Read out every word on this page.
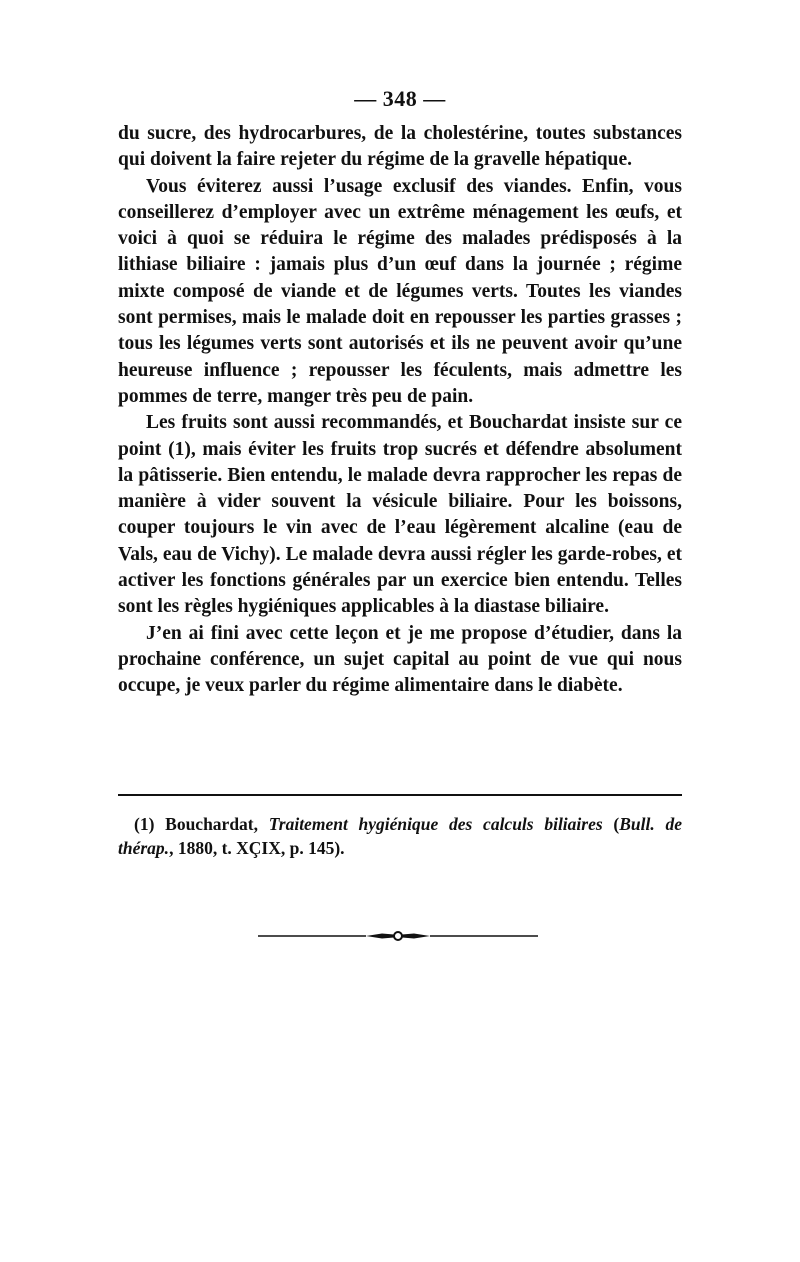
— 348 —

du sucre, des hydrocarbures, de la cholestérine, toutes substances qui doivent la faire rejeter du régime de la gravelle hépatique.

Vous éviterez aussi l’usage exclusif des viandes. Enfin, vous conseillerez d’employer avec un extrême ménagement les œufs, et voici à quoi se réduira le régime des malades prédisposés à la lithiase biliaire : jamais plus d’un œuf dans la journée ; régime mixte composé de viande et de légumes verts. Toutes les viandes sont permises, mais le malade doit en repousser les parties grasses ; tous les légumes verts sont autorisés et ils ne peuvent avoir qu’une heureuse influence ; repousser les féculents, mais admettre les pommes de terre, manger très peu de pain.

Les fruits sont aussi recommandés, et Bouchardat insiste sur ce point (1), mais éviter les fruits trop sucrés et défendre absolument la pâtisserie. Bien entendu, le malade devra rapprocher les repas de manière à vider souvent la vésicule biliaire. Pour les boissons, couper toujours le vin avec de l’eau légèrement alcaline (eau de Vals, eau de Vichy). Le malade devra aussi régler les garde-robes, et activer les fonctions générales par un exercice bien entendu. Telles sont les règles hygiéniques applicables à la diastase biliaire.

J’en ai fini avec cette leçon et je me propose d’étudier, dans la prochaine conférence, un sujet capital au point de vue qui nous occupe, je veux parler du régime alimentaire dans le diabète.

(1) Bouchardat, Traitement hygiénique des calculs biliaires (Bull. de thérap., 1880, t. XÇIX, p. 145).
